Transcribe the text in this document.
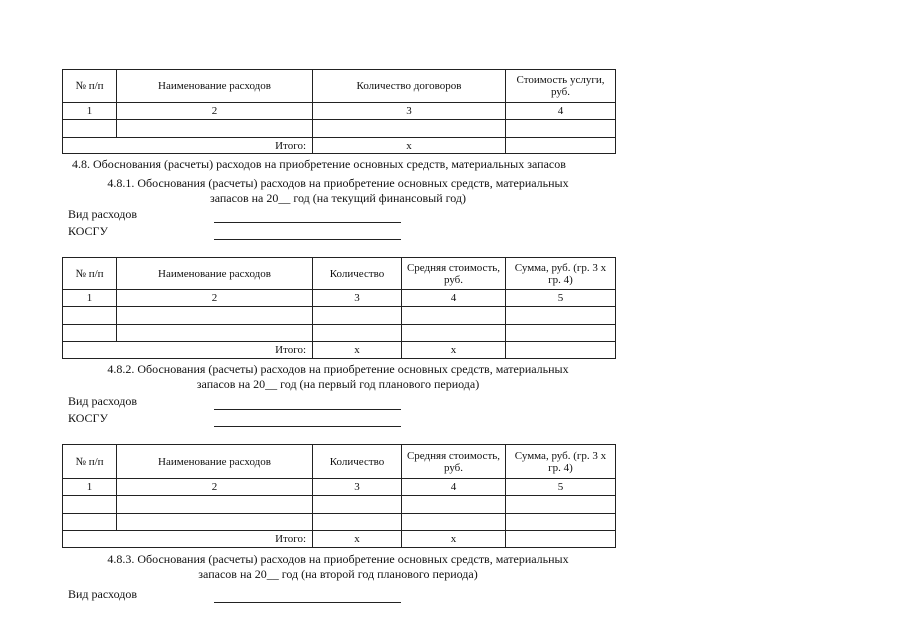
№ п/п	Наименование расходов	Количество договоров	Стоимость услуги, руб.
1	2	3	4

Итого:		х	
4.8. Обоснования (расчеты) расходов на приобретение основных средств, материальных запасов
4.8.1. Обоснования (расчеты) расходов на приобретение основных средств, материальных
запасов на 20__ год (на текущий финансовый год)
Вид расходов
КОСГУ
№ п/п	Наименование расходов	Количество	Средняя стоимость, руб.	Сумма, руб. (гр. 3 х гр. 4)
1	2	3	4	5

Итого:		х	х	
4.8.2. Обоснования (расчеты) расходов на приобретение основных средств, материальных
запасов на 20__ год (на первый год планового периода)
Вид расходов
КОСГУ
№ п/п	Наименование расходов	Количество	Средняя стоимость, руб.	Сумма, руб. (гр. 3 х гр. 4)
1	2	3	4	5

Итого:		х	х	
4.8.3. Обоснования (расчеты) расходов на приобретение основных средств, материальных
запасов на 20__ год (на второй год планового периода)
Вид расходов
